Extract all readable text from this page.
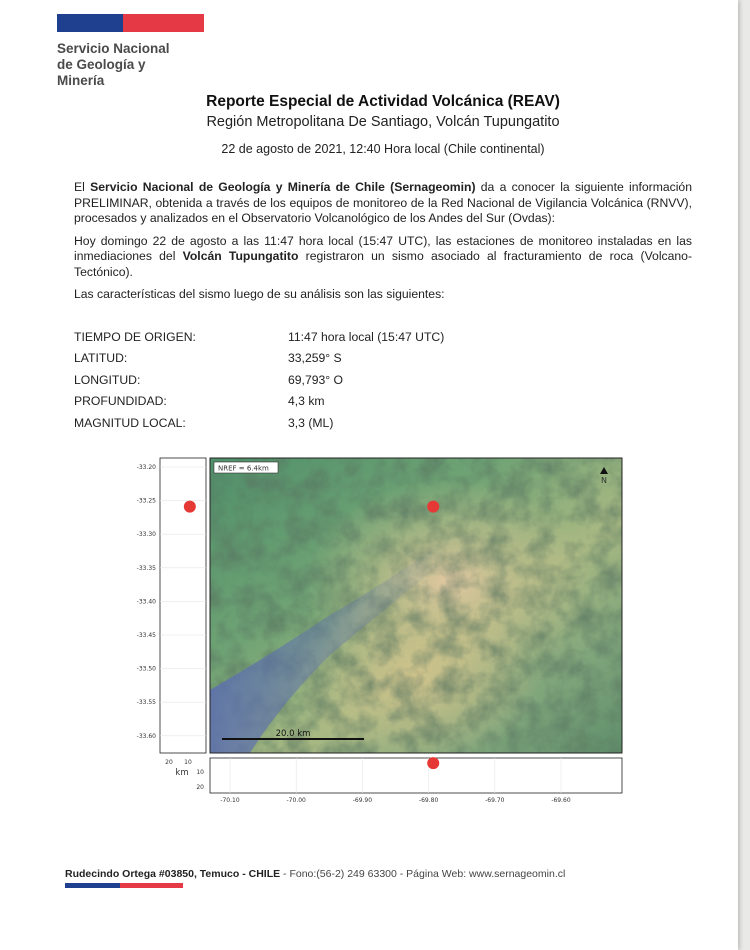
Servicio Nacional
de Geología y
Minería
Reporte Especial de Actividad Volcánica (REAV)
Región Metropolitana De Santiago, Volcán Tupungatito
22 de agosto de 2021, 12:40 Hora local (Chile continental)

El Servicio Nacional de Geología y Minería de Chile (Sernageomin) da a conocer la siguiente información PRELIMINAR, obtenida a través de los equipos de monitoreo de la Red Nacional de Vigilancia Volcánica (RNVV), procesados y analizados en el Observatorio Volcanológico de los Andes del Sur (Ovdas):

Hoy domingo 22 de agosto a las 11:47 hora local (15:47 UTC), las estaciones de monitoreo instaladas en las inmediaciones del Volcán Tupungatito registraron un sismo asociado al fracturamiento de roca (Volcano-Tectónico).

Las características del sismo luego de su análisis son las siguientes:

TIEMPO DE ORIGEN:	11:47 hora local (15:47 UTC)
LATITUD:	33,259° S
LONGITUD:	69,793° O
PROFUNDIDAD:	4,3 km
MAGNITUD LOCAL:	3,3 (ML)
NREF = 6.4km
N
20.0 km
-33.20
-33.25
-33.30
-33.35
-33.40
-33.45
-33.50
-33.55
-33.60
20 10
km
-70.10	-70.00	-69.90	-69.80	-69.70	-69.60
10
20
Rudecindo Ortega #03850, Temuco - CHILE - Fono:(56-2) 249 63300 - Página Web: www.sernageomin.cl
